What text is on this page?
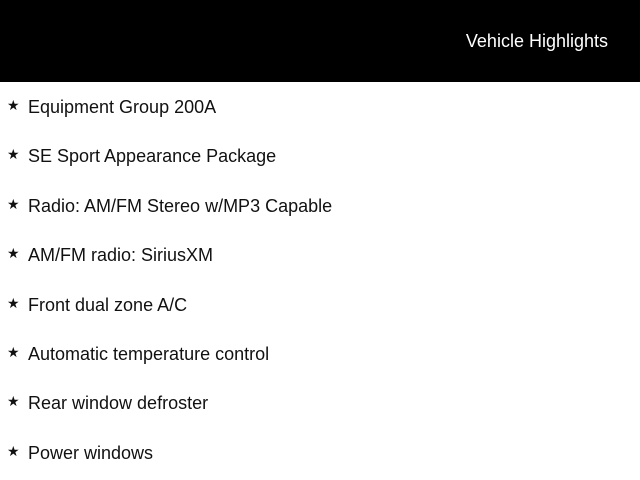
Vehicle Highlights
★ Equipment Group 200A
★ SE Sport Appearance Package
★ Radio: AM/FM Stereo w/MP3 Capable
★ AM/FM radio: SiriusXM
★ Front dual zone A/C
★ Automatic temperature control
★ Rear window defroster
★ Power windows
